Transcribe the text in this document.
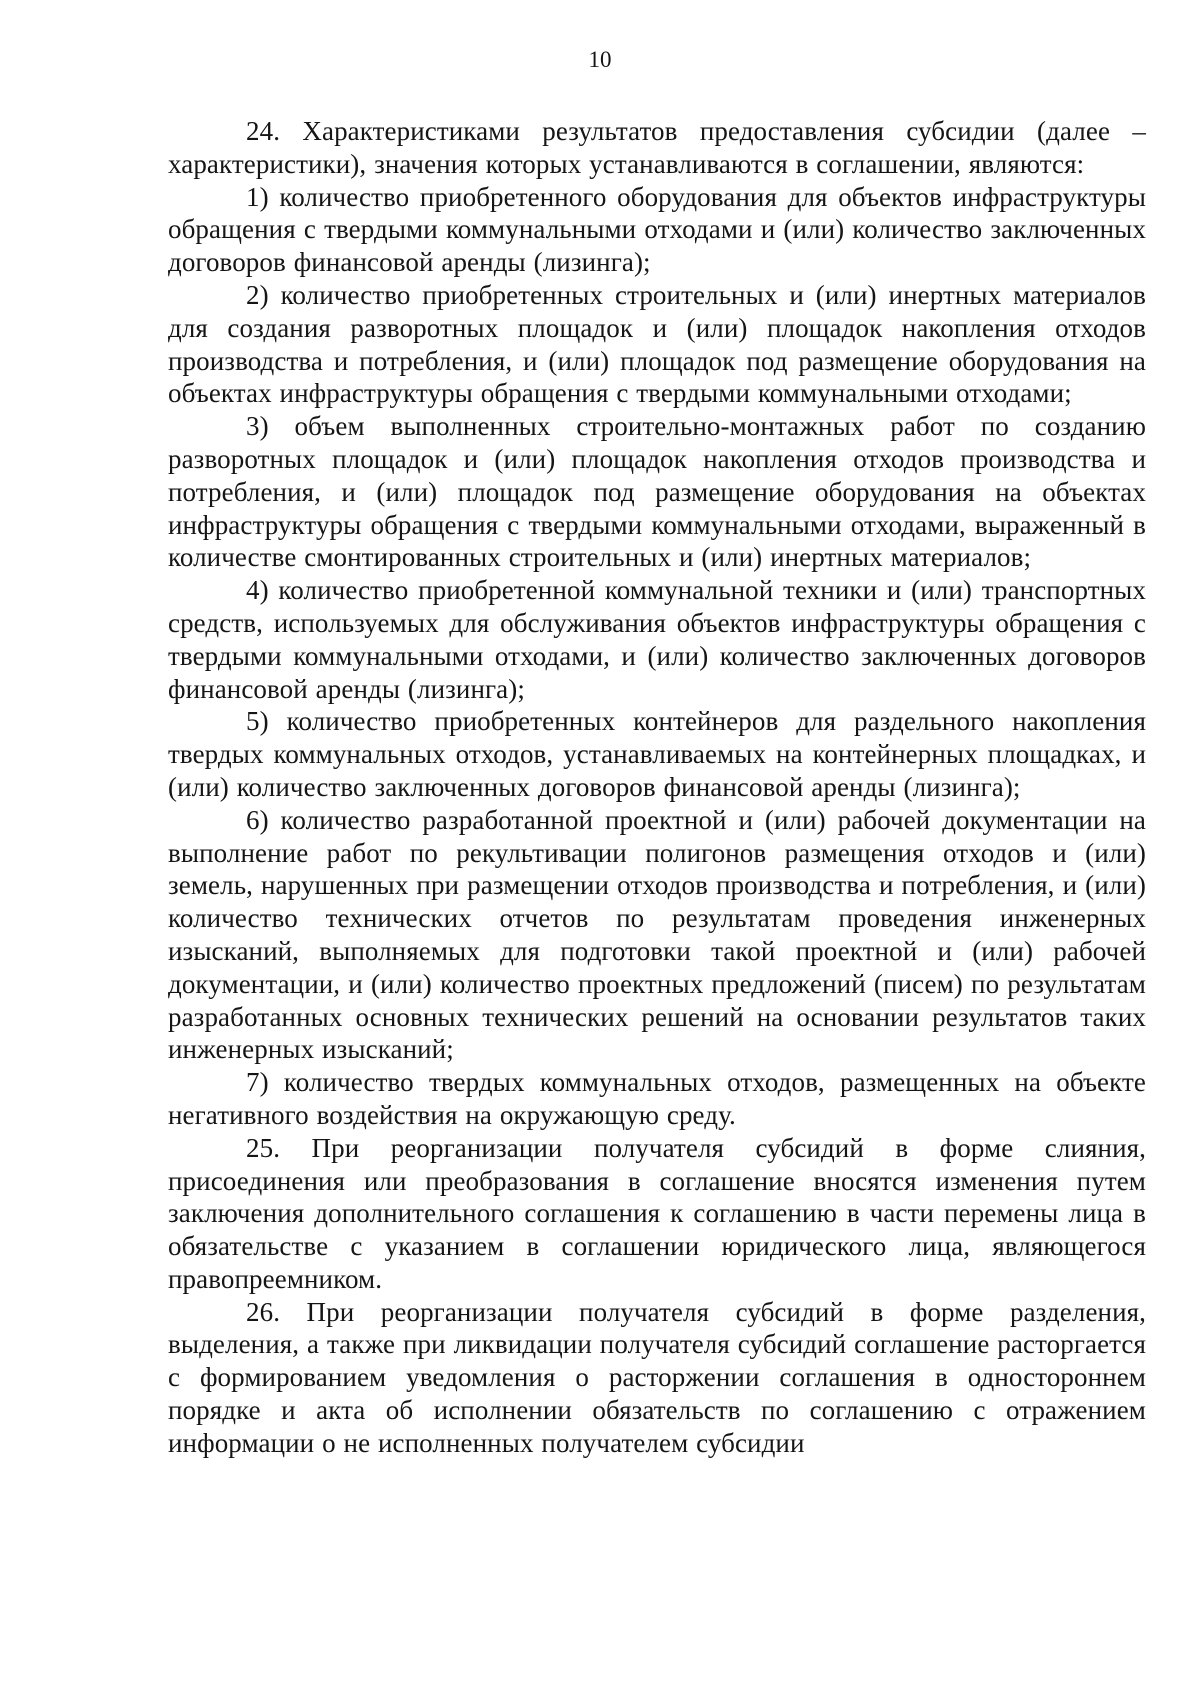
10

24. Характеристиками результатов предоставления субсидии (далее – характеристики), значения которых устанавливаются в соглашении, являются:

1) количество приобретенного оборудования для объектов инфраструктуры обращения с твердыми коммунальными отходами и (или) количество заключенных договоров финансовой аренды (лизинга);

2) количество приобретенных строительных и (или) инертных материалов для создания разворотных площадок и (или) площадок накопления отходов производства и потребления, и (или) площадок под размещение оборудования на объектах инфраструктуры обращения с твердыми коммунальными отходами;

3) объем выполненных строительно-монтажных работ по созданию разворотных площадок и (или) площадок накопления отходов производства и потребления, и (или) площадок под размещение оборудования на объектах инфраструктуры обращения с твердыми коммунальными отходами, выраженный в количестве смонтированных строительных и (или) инертных материалов;

4) количество приобретенной коммунальной техники и (или) транспортных средств, используемых для обслуживания объектов инфраструктуры обращения с твердыми коммунальными отходами, и (или) количество заключенных договоров финансовой аренды (лизинга);

5) количество приобретенных контейнеров для раздельного накопления твердых коммунальных отходов, устанавливаемых на контейнерных площадках, и (или) количество заключенных договоров финансовой аренды (лизинга);

6) количество разработанной проектной и (или) рабочей документации на выполнение работ по рекультивации полигонов размещения отходов и (или) земель, нарушенных при размещении отходов производства и потребления, и (или) количество технических отчетов по результатам проведения инженерных изысканий, выполняемых для подготовки такой проектной и (или) рабочей документации, и (или) количество проектных предложений (писем) по результатам разработанных основных технических решений на основании результатов таких инженерных изысканий;

7) количество твердых коммунальных отходов, размещенных на объекте негативного воздействия на окружающую среду.

25. При реорганизации получателя субсидий в форме слияния, присоединения или преобразования в соглашение вносятся изменения путем заключения дополнительного соглашения к соглашению в части перемены лица в обязательстве с указанием в соглашении юридического лица, являющегося правопреемником.

26. При реорганизации получателя субсидий в форме разделения, выделения, а также при ликвидации получателя субсидий соглашение расторгается с формированием уведомления о расторжении соглашения в одностороннем порядке и акта об исполнении обязательств по соглашению с отражением информации о не исполненных получателем субсидии
